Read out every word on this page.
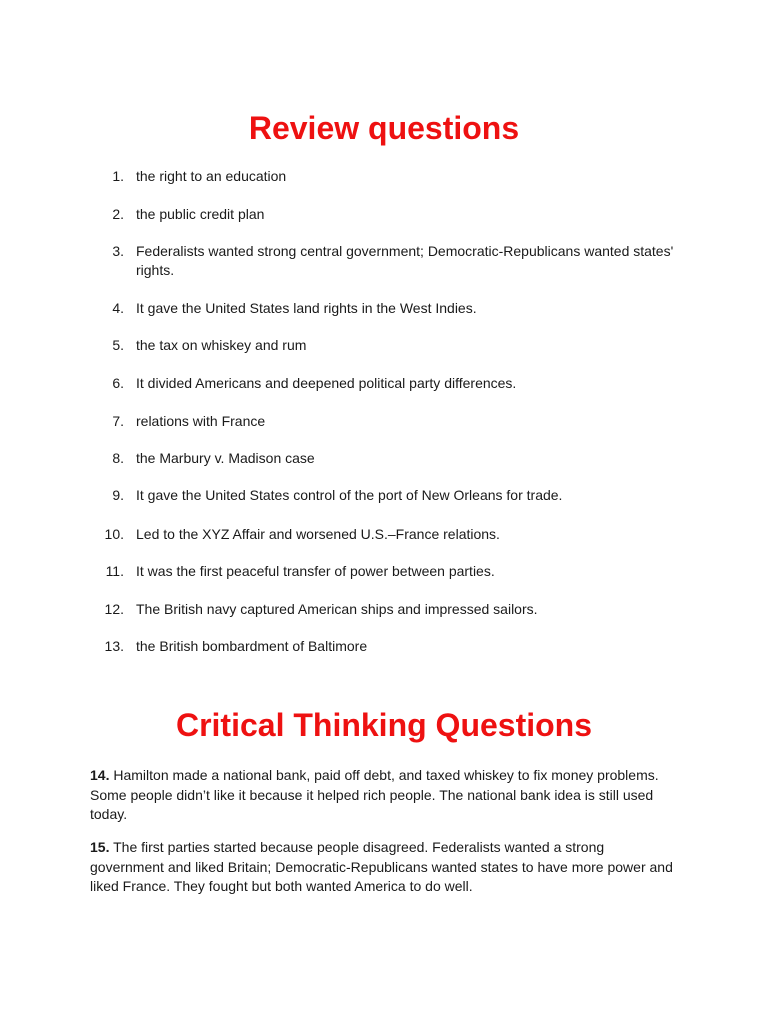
Review questions
1. the right to an education
2. the public credit plan
3. Federalists wanted strong central government; Democratic-Republicans wanted states' rights.
4. It gave the United States land rights in the West Indies.
5. the tax on whiskey and rum
6. It divided Americans and deepened political party differences.
7. relations with France
8. the Marbury v. Madison case
9. It gave the United States control of the port of New Orleans for trade.
10. Led to the XYZ Affair and worsened U.S.–France relations.
11. It was the first peaceful transfer of power between parties.
12. The British navy captured American ships and impressed sailors.
13. the British bombardment of Baltimore
Critical Thinking Questions

14. Hamilton made a national bank, paid off debt, and taxed whiskey to fix money problems. Some people didn’t like it because it helped rich people. The national bank idea is still used today.

15. The first parties started because people disagreed. Federalists wanted a strong government and liked Britain; Democratic-Republicans wanted states to have more power and liked France. They fought but both wanted America to do well.
